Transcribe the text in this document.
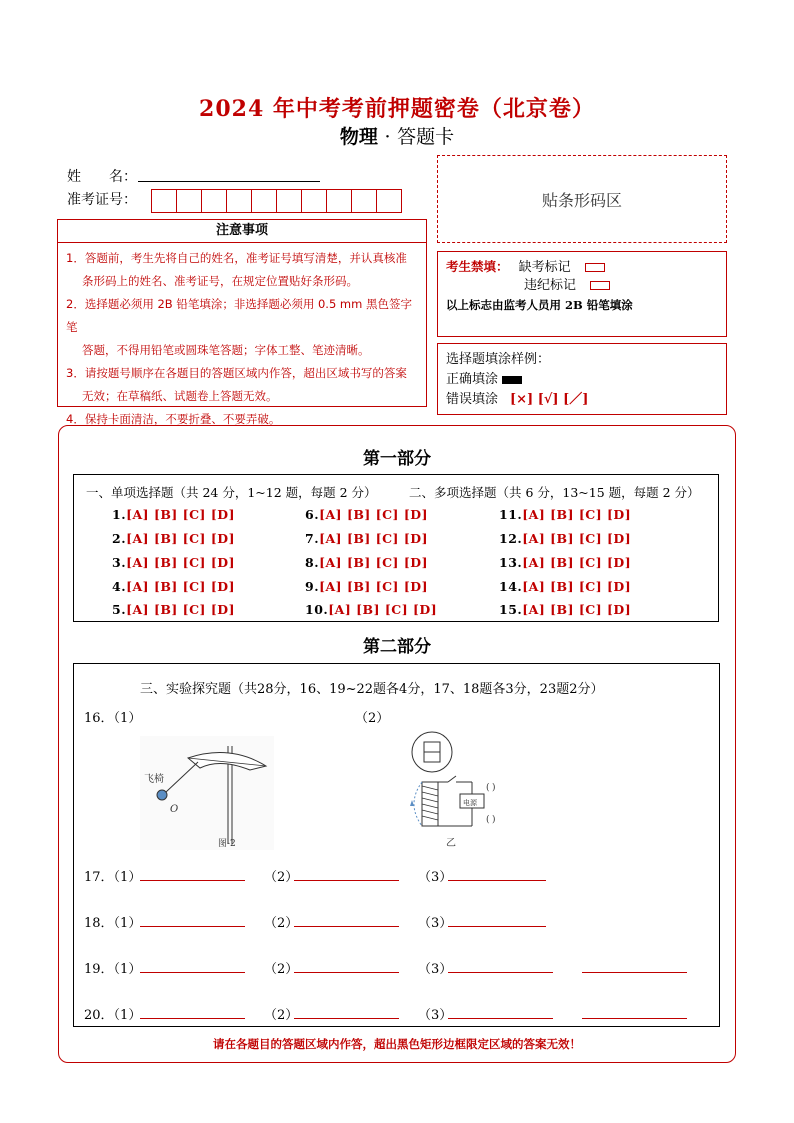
2024 年中考考前押题密卷（北京卷）
物理 · 答题卡
姓　　名：
准考证号：	贴条形码区
注意事项
1．答题前，考生先将自己的姓名，准考证号填写清楚，并认真核准
条形码上的姓名、准考证号，在规定位置贴好条形码。
2．选择题必须用 2B 铅笔填涂；非选择题必须用 0.5 mm 黑色签字笔
答题，不得用铅笔或圆珠笔答题；字体工整、笔迹清晰。
3．请按题号顺序在各题目的答题区域内作答，超出区域书写的答案
无效；在草稿纸、试题卷上答题无效。
4．保持卡面清洁，不要折叠、不要弄破。
考生禁填： 缺考标记
违纪标记
以上标志由监考人员用 2B 铅笔填涂
选择题填涂样例：
正确填涂
错误填涂 [×] [√] [／]
第一部分
一、单项选择题（共 24 分，1~12 题，每题 2 分）	二、多项选择题（共 6 分，13~15 题，每题 2 分）
1.[A] [B] [C] [D]	6.[A] [B] [C] [D]	11.[A] [B] [C] [D]
2.[A] [B] [C] [D]	7.[A] [B] [C] [D]	12.[A] [B] [C] [D]
3.[A] [B] [C] [D]	8.[A] [B] [C] [D]	13.[A] [B] [C] [D]
4.[A] [B] [C] [D]	9.[A] [B] [C] [D]	14.[A] [B] [C] [D]
5.[A] [B] [C] [D]	10.[A] [B] [C] [D]	15.[A] [B] [C] [D]
第二部分
三、实验探究题（共28分，16、19~22题各4分，17、18题各3分，23题2分）
16．（1）	（2）
飞椅
O
图-2
电源
( )
( )
乙
17．（1）	（2）	（3）
18．（1）	（2）	（3）
19．（1）	（2）	（3）
20．（1）	（2）	（3）
请在各题目的答题区域内作答，超出黑色矩形边框限定区域的答案无效！
